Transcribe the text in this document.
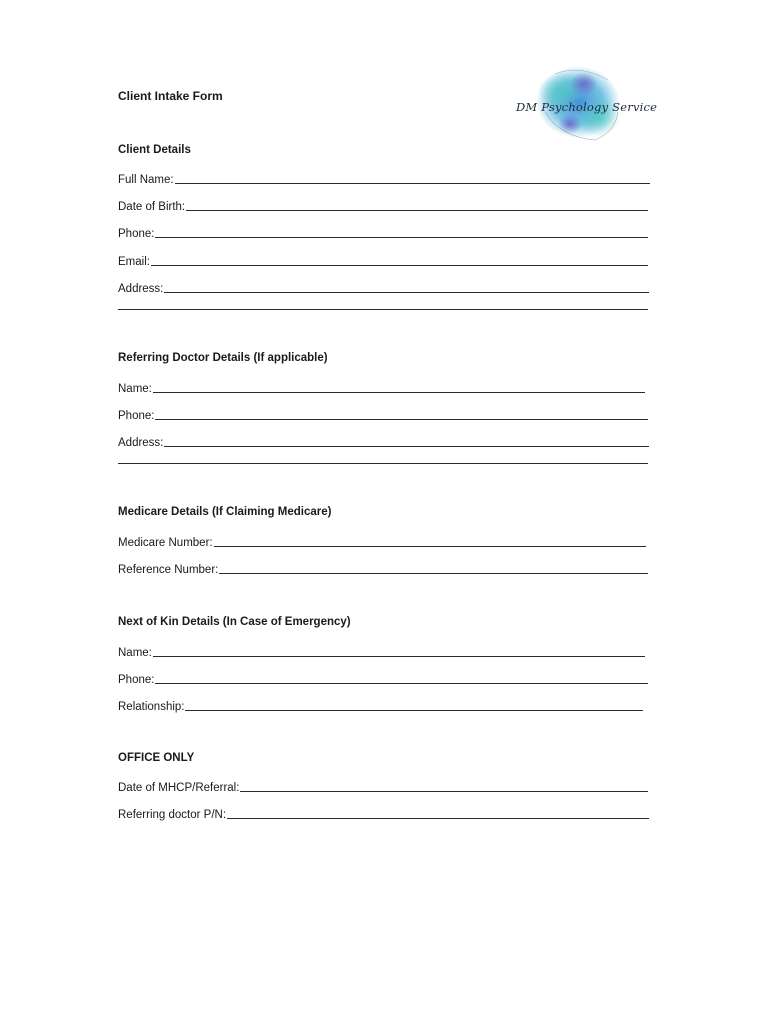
Client Intake Form
DM Psychology Service
Client Details
Full Name:
Date of Birth:
Phone:
Email:
Address:
Referring Doctor Details (If applicable)
Name:
Phone:
Address:
Medicare Details (If Claiming Medicare)
Medicare Number:
Reference Number:
Next of Kin Details (In Case of Emergency)
Name:
Phone:
Relationship:
OFFICE ONLY
Date of MHCP/Referral:
Referring doctor P/N:
